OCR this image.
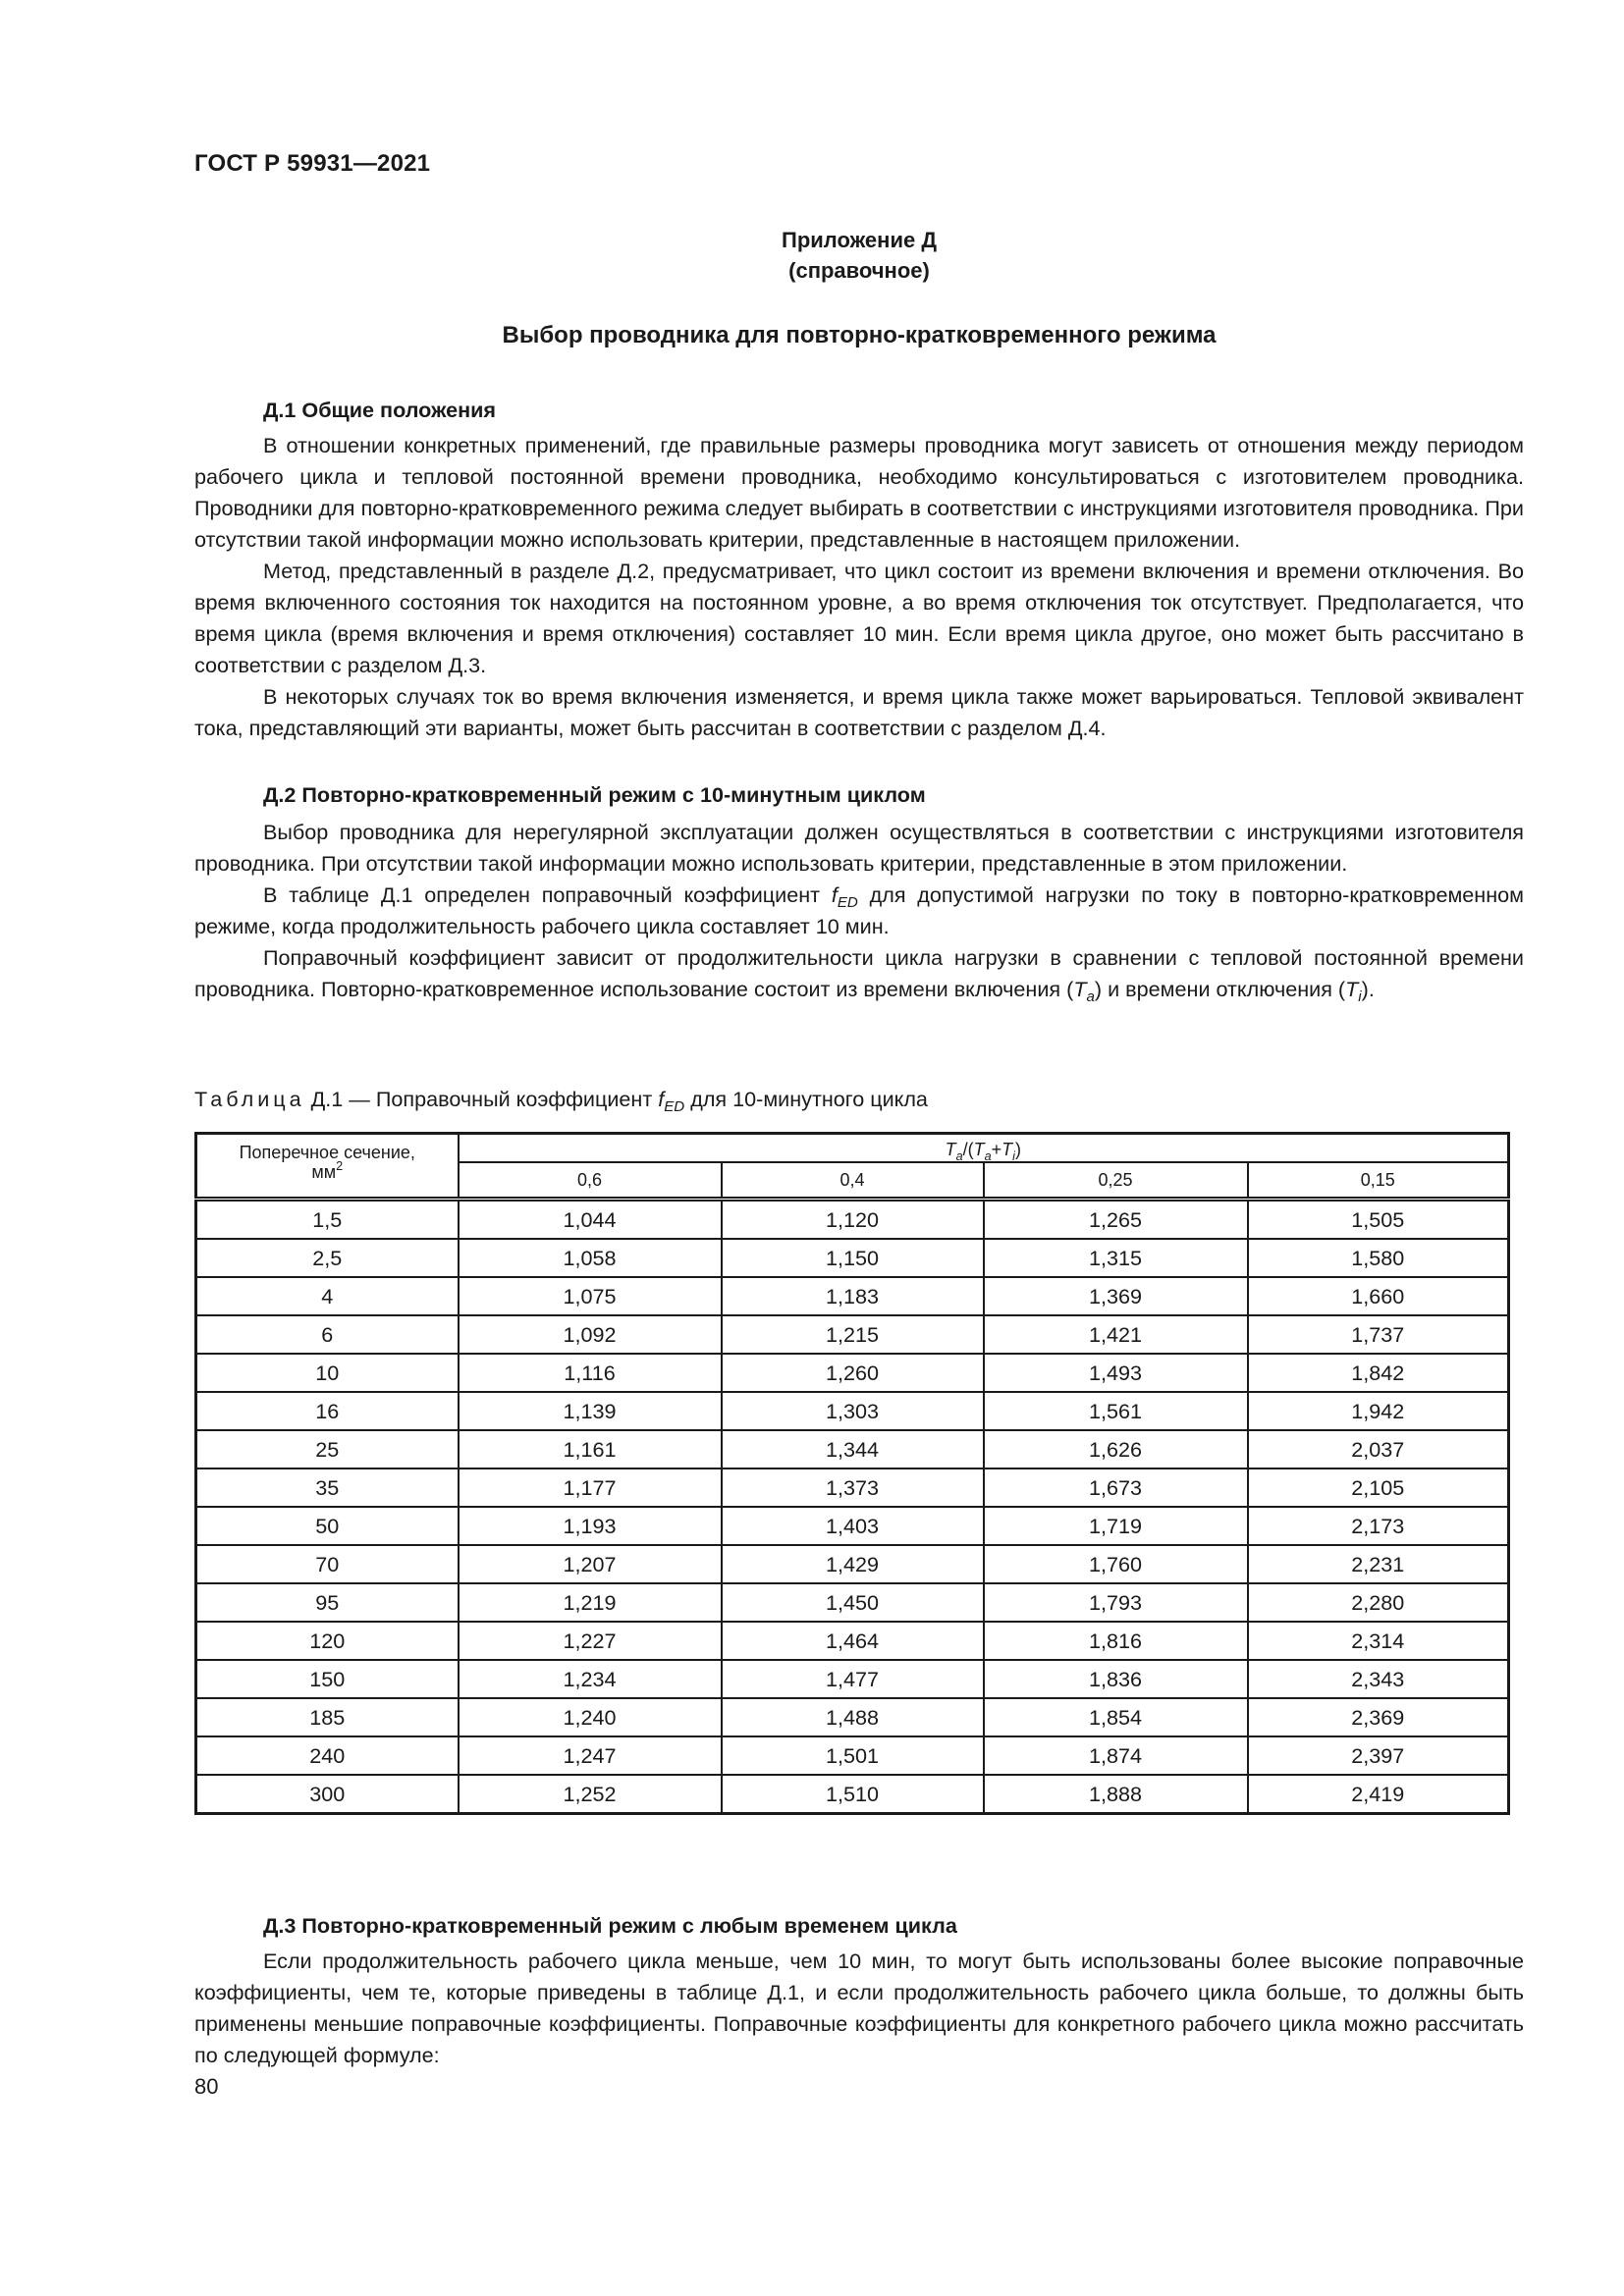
ГОСТ Р 59931—2021
Приложение Д
(справочное)
Выбор проводника для повторно-кратковременного режима
Д.1 Общие положения

В отношении конкретных применений, где правильные размеры проводника могут зависеть от отношения между периодом рабочего цикла и тепловой постоянной времени проводника, необходимо консультироваться с изготовителем проводника. Проводники для повторно-кратковременного режима следует выбирать в соответствии с инструкциями изготовителя проводника. При отсутствии такой информации можно использовать критерии, представленные в настоящем приложении.

Метод, представленный в разделе Д.2, предусматривает, что цикл состоит из времени включения и времени отключения. Во время включенного состояния ток находится на постоянном уровне, а во время отключения ток отсутствует. Предполагается, что время цикла (время включения и время отключения) составляет 10 мин. Если время цикла другое, оно может быть рассчитано в соответствии с разделом Д.3.

В некоторых случаях ток во время включения изменяется, и время цикла также может варьироваться. Тепловой эквивалент тока, представляющий эти варианты, может быть рассчитан в соответствии с разделом Д.4.

Д.2 Повторно-кратковременный режим с 10-минутным циклом

Выбор проводника для нерегулярной эксплуатации должен осуществляться в соответствии с инструкциями изготовителя проводника. При отсутствии такой информации можно использовать критерии, представленные в этом приложении.

В таблице Д.1 определен поправочный коэффициент $f_{ED}$ для допустимой нагрузки по току в повторно-кратковременном режиме, когда продолжительность рабочего цикла составляет 10 мин.

Поправочный коэффициент зависит от продолжительности цикла нагрузки в сравнении с тепловой постоянной времени проводника. Повторно-кратковременное использование состоит из времени включения $(T_a)$ и времени отключения $(T_i)$.

Таблица Д.1 — Поправочный коэффициент $f_{ED}$ для 10-минутного цикла
Поперечное сечение,
$мм^2$	$T_a/(T_a+T_i)$			
	0,6	0,4	0,25	0,15
1,5	1,044	1,120	1,265	1,505
2,5	1,058	1,150	1,315	1,580
4	1,075	1,183	1,369	1,660
6	1,092	1,215	1,421	1,737
10	1,116	1,260	1,493	1,842
16	1,139	1,303	1,561	1,942
25	1,161	1,344	1,626	2,037
35	1,177	1,373	1,673	2,105
50	1,193	1,403	1,719	2,173
70	1,207	1,429	1,760	2,231
95	1,219	1,450	1,793	2,280
120	1,227	1,464	1,816	2,314
150	1,234	1,477	1,836	2,343
185	1,240	1,488	1,854	2,369
240	1,247	1,501	1,874	2,397
300	1,252	1,510	1,888	2,419
Д.3 Повторно-кратковременный режим с любым временем цикла

Если продолжительность рабочего цикла меньше, чем 10 мин, то могут быть использованы более высокие поправочные коэффициенты, чем те, которые приведены в таблице Д.1, и если продолжительность рабочего цикла больше, то должны быть применены меньшие поправочные коэффициенты. Поправочные коэффициенты для конкретного рабочего цикла можно рассчитать по следующей формуле:

80
